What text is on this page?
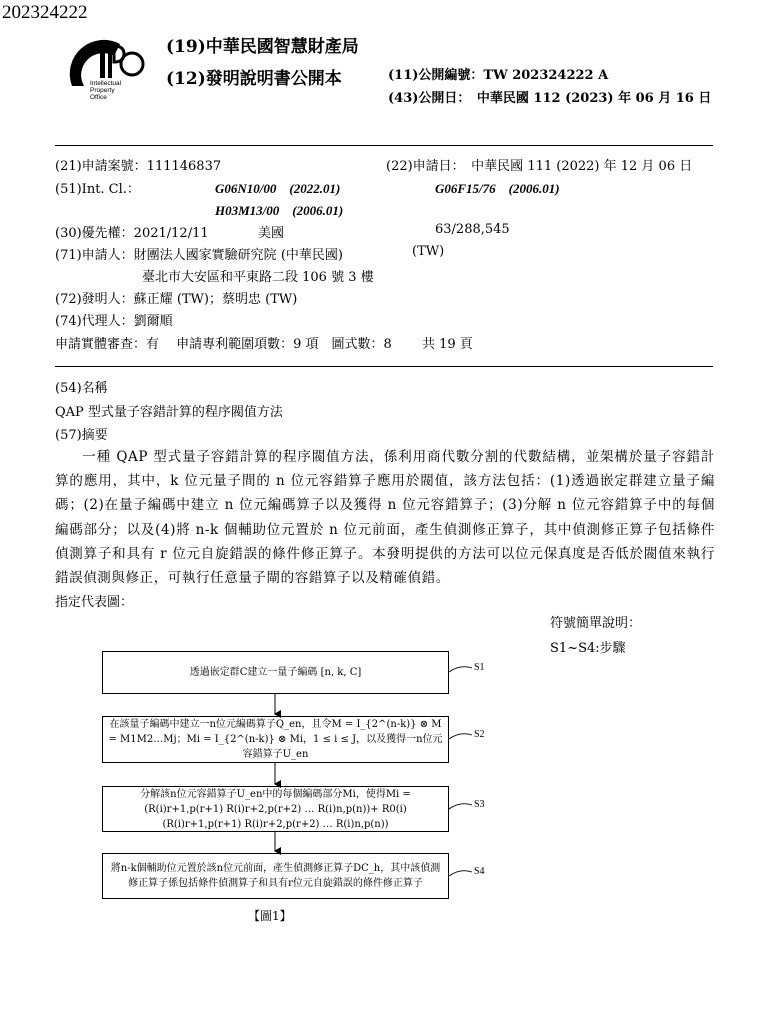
202324222
Intellectual
Property
Office
(19)中華民國智慧財產局
(12)發明說明書公開本	(11)公開編號：TW 202324222 A
(43)公開日：　中華民國 112 (2023) 年 06 月 16 日
(21)申請案號：111146837	(22)申請日：　中華民國 111 (2022) 年 12 月 06 日
(51)Int. Cl.：	G06N10/00　(2022.01)	G06F15/76　(2006.01)
H03M13/00　(2006.01)
(30)優先權：2021/12/11	美國	63/288,545
(71)申請人：財團法人國家實驗研究院 (中華民國)	(TW)
臺北市大安區和平東路二段 106 號 3 樓
(72)發明人：蘇正耀 (TW)；蔡明忠 (TW)
(74)代理人：劉爾順
申請實體審查：有　 申請專利範圍項數：9 項　圖式數：8　　 共 19 頁
(54)名稱
QAP 型式量子容錯計算的程序閥值方法
(57)摘要
一種 QAP 型式量子容錯計算的程序閥值方法，係利用商代數分割的代數結構，並架構於量子容錯計算的應用，其中，k 位元量子間的 n 位元容錯算子應用於閥值，該方法包括：(1)透過嵌定群建立量子編碼；(2)在量子編碼中建立 n 位元編碼算子以及獲得 n 位元容錯算子；(3)分解 n 位元容錯算子中的每個編碼部分；以及(4)將 n-k 個輔助位元置於 n 位元前面，產生偵測修正算子，其中偵測修正算子包括條件偵測算子和具有 r 位元自旋錯誤的條件修正算子。本發明提供的方法可以位元保真度是否低於閥值來執行錯誤偵測與修正，可執行任意量子閘的容錯算子以及精確偵錯。
指定代表圖：
符號簡單說明：
S1~S4:步驟
透過嵌定群C建立一量子編碼 [n, k, C]
在該量子編碼中建立一n位元編碼算子Q_en，且令M = I_{2^(n-k)} ⊗ M = M1M2…Mj；Mi = I_{2^(n-k)} ⊗ Mi，1 ≤ i ≤ J，以及獲得一n位元容錯算子U_en
分解該n位元容錯算子U_en中的每個編碼部分Mi，使得Mi = (R(i)r+1,p(r+1) R(i)r+2,p(r+2) … R(i)n,p(n))+ R0(i) (R(i)r+1,p(r+1) R(i)r+2,p(r+2) … R(i)n,p(n))
將n-k個輔助位元置於該n位元前面，產生偵測修正算子DC_h，其中該偵測修正算子係包括條件偵測算子和具有r位元自旋錯誤的條件修正算子
S1
S2
S3
S4
【圖1】
